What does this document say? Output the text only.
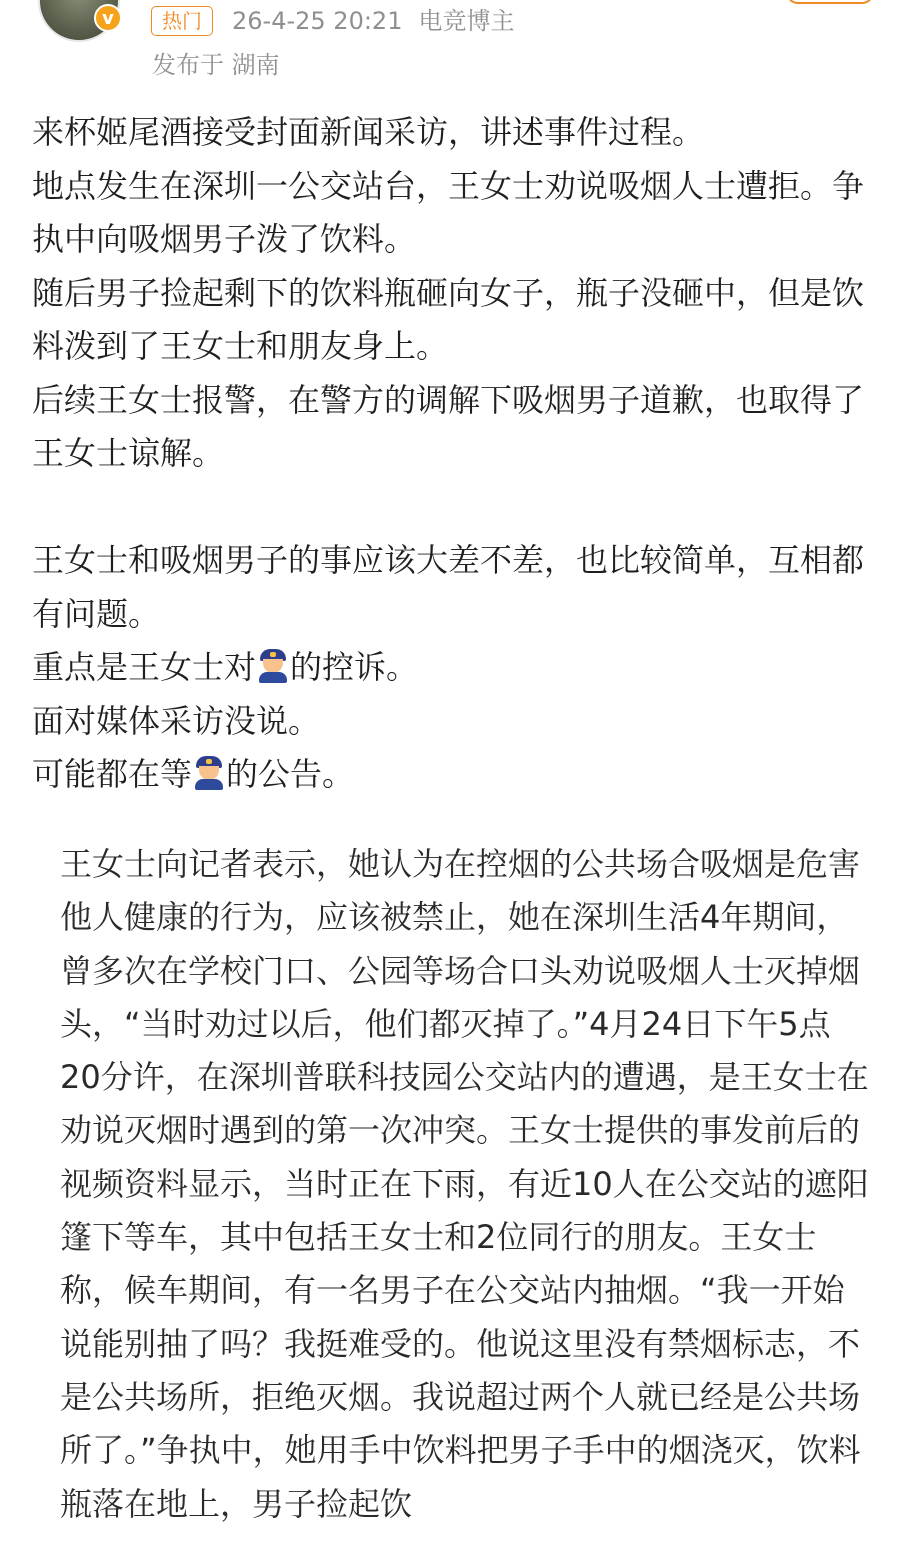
v	热门	26-4-25 20:21 电竞博主
发布于 湖南

来杯姬尾酒接受封面新闻采访，讲述事件过程。

地点发生在深圳一公交站台，王女士劝说吸烟人士遭拒。争执中向吸烟男子泼了饮料。

随后男子捡起剩下的饮料瓶砸向女子，瓶子没砸中，但是饮料泼到了王女士和朋友身上。

后续王女士报警，在警方的调解下吸烟男子道歉，也取得了王女士谅解。

王女士和吸烟男子的事应该大差不差，也比较简单，互相都有问题。

重点是王女士对 的控诉。

面对媒体采访没说。

可能都在等 的公告。

王女士向记者表示，她认为在控烟的公共场合吸烟是危害他人健康的行为，应该被禁止，她在深圳生活4年期间，曾多次在学校门口、公园等场合口头劝说吸烟人士灭掉烟头，“当时劝过以后，他们都灭掉了。”4月24日下午5点20分许，在深圳普联科技园公交站内的遭遇，是王女士在劝说灭烟时遇到的第一次冲突。王女士提供的事发前后的视频资料显示，当时正在下雨，有近10人在公交站的遮阳篷下等车，其中包括王女士和2位同行的朋友。王女士称，候车期间，有一名男子在公交站内抽烟。“我一开始说能别抽了吗？我挺难受的。他说这里没有禁烟标志，不是公共场所，拒绝灭烟。我说超过两个人就已经是公共场所了。”争执中，她用手中饮料把男子手中的烟浇灭，饮料瓶落在地上，男子捡起饮
